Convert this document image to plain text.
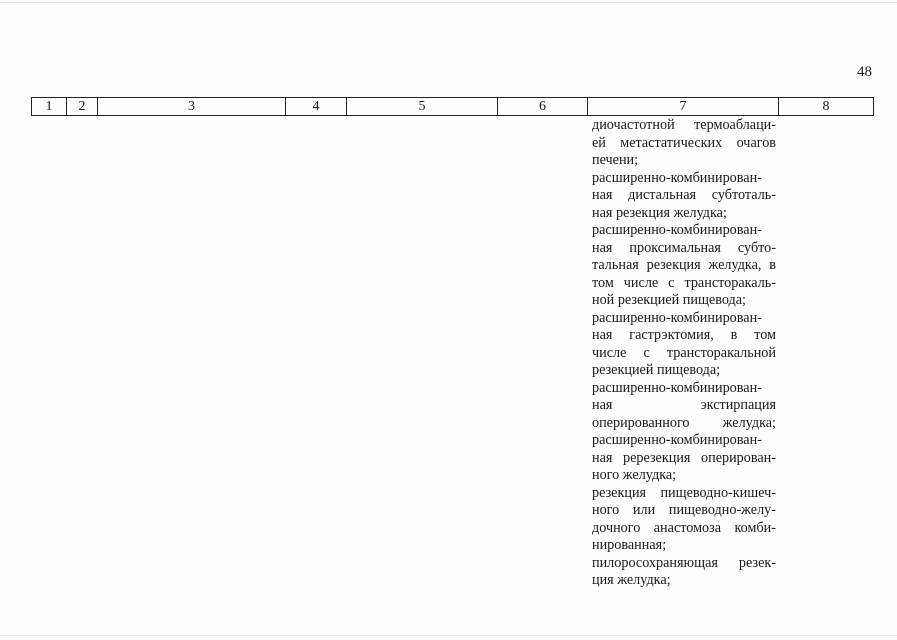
48
1	2	3	4	5	6	7	8

диочастотной термоаблаци-

ей метастатических очагов

печени;

расширенно-комбинирован-

ная дистальная субтоталь-

ная резекция желудка;

расширенно-комбинирован-

ная проксимальная субто-

тальная резекция желудка, в

том числе с трансторакаль-

ной резекцией пищевода;

расширенно-комбинирован-

ная гастрэктомия, в том

числе с трансторакальной

резекцией пищевода;

расширенно-комбинирован-

ная экстирпация оперированного желудка;

расширенно-комбинирован-

ная ререзекция оперирован-

ного желудка;

резекция пищеводно-кишеч-

ного или пищеводно-желу-

дочного анастомоза комби-

нированная;

пилоросохраняющая резек-

ция желудка;
